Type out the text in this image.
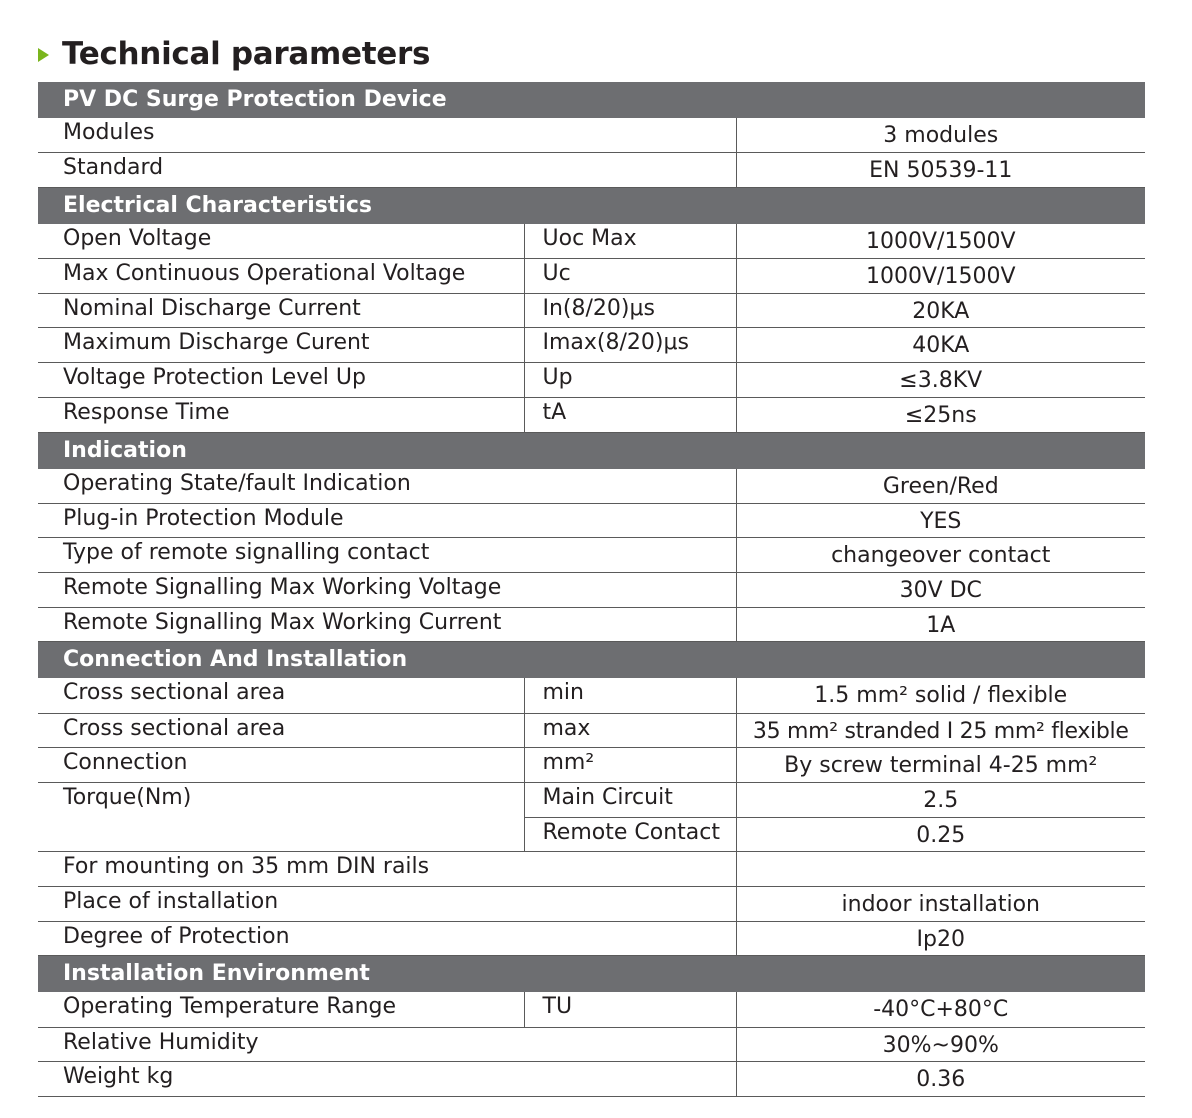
Technical parameters
PV DC Surge Protection Device		
Modules		3 modules
Standard		EN 50539-11
Electrical Characteristics		
Open Voltage	Uoc Max	1000V/1500V
Max Continuous Operational Voltage	Uc	1000V/1500V
Nominal Discharge Current	In(8/20)μs	20KA
Maximum Discharge Curent	Imax(8/20)μs	40KA
Voltage Protection Level Up	Up	≤3.8KV
Response Time	tA	≤25ns
Indication		
Operating State/fault Indication		Green/Red
Plug-in Protection Module		YES
Type of remote signalling contact		changeover contact
Remote Signalling Max Working Voltage		30V DC
Remote Signalling Max Working Current		1A
Connection And Installation		
Cross sectional area	min	1.5 mm² solid / flexible
Cross sectional area	max	35 mm² stranded I 25 mm² flexible
Connection	mm²	By screw terminal 4-25 mm²
Torque(Nm)	Main Circuit	2.5
	Remote Contact	0.25
For mounting on 35 mm DIN rails		
Place of installation		indoor installation
Degree of Protection		Ip20
Installation Environment		
Operating Temperature Range	TU	-40°C+80°C
Relative Humidity		30%~90%
Weight kg		0.36
